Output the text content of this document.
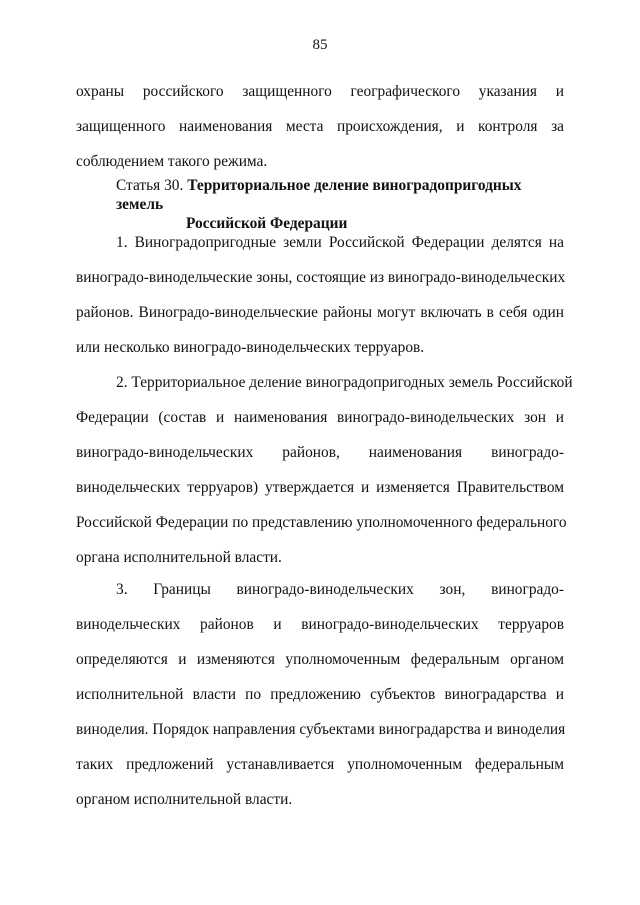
85
охраны российского защищенного географического указания и
защищенного наименования места происхождения, и контроля за
соблюдением такого режима.
Статья 30. Территориальное деление виноградопригодных земель
Российской Федерации
1. Виноградопригодные земли Российской Федерации делятся на
виноградо-винодельческие зоны, состоящие из виноградо-винодельческих
районов. Виноградо-винодельческие районы могут включать в себя один
или несколько виноградо-винодельческих терруаров.
2. Территориальное деление виноградопригодных земель Российской
Федерации (состав и наименования виноградо-винодельческих зон и
виноградо-винодельческих районов, наименования виноградо-
винодельческих терруаров) утверждается и изменяется Правительством
Российской Федерации по представлению уполномоченного федерального
органа исполнительной власти.
3. Границы виноградо-винодельческих зон, виноградо-
винодельческих районов и виноградо-винодельческих терруаров
определяются и изменяются уполномоченным федеральным органом
исполнительной власти по предложению субъектов виноградарства и
виноделия. Порядок направления субъектами виноградарства и виноделия
таких предложений устанавливается уполномоченным федеральным
органом исполнительной власти.
